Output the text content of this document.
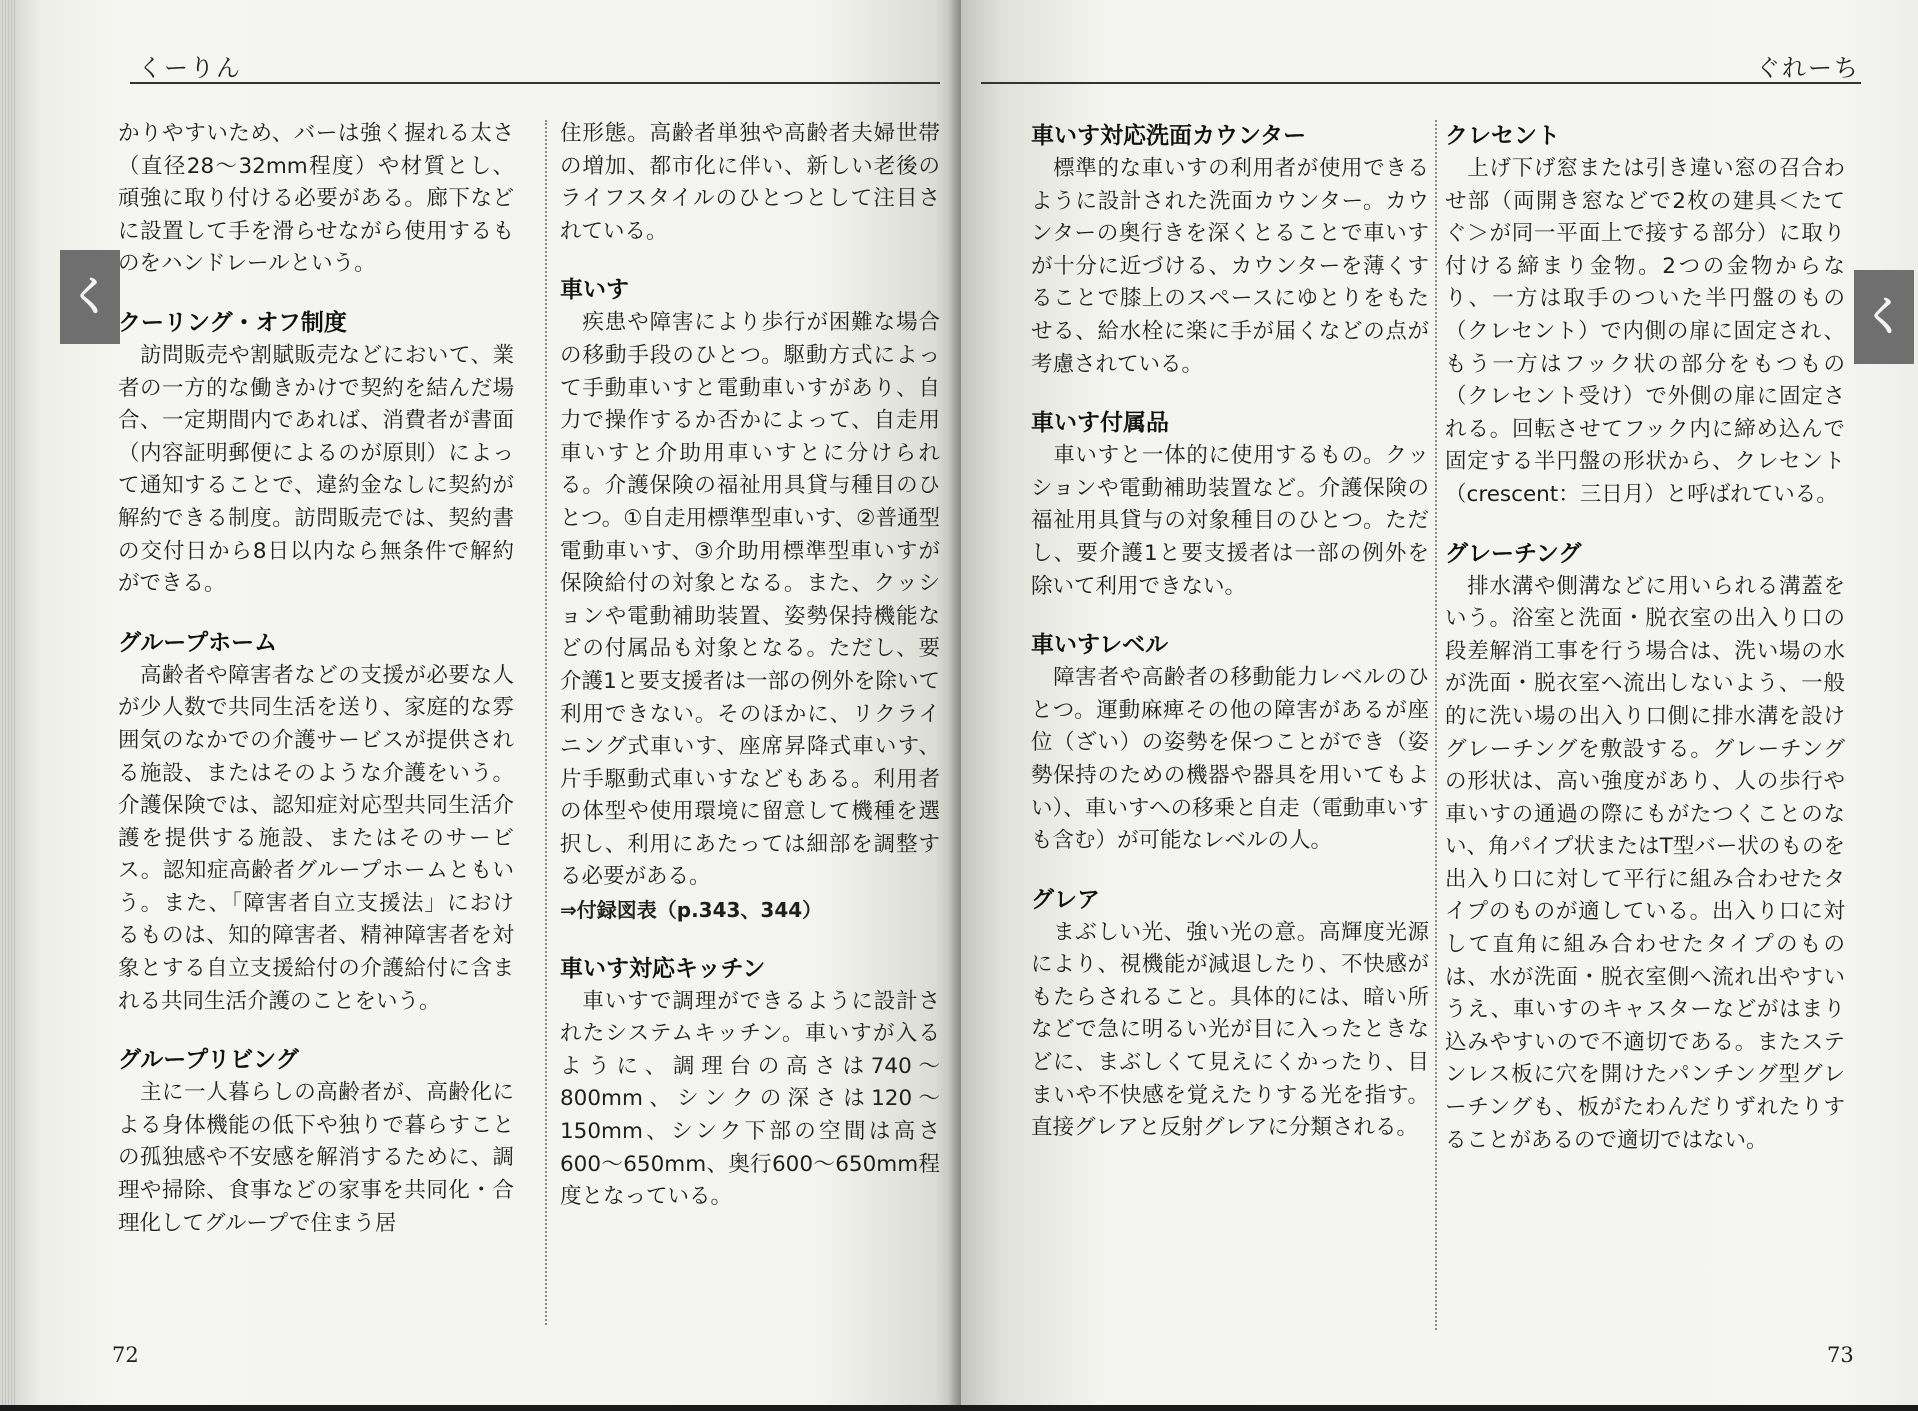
くーりん
く

かりやすいため、バーは強く握れる太さ（直径28～32mm程度）や材質とし、頑強に取り付ける必要がある。廊下などに設置して手を滑らせながら使用するものをハンドレールという。

クーリング・オフ制度

　訪問販売や割賦販売などにおいて、業者の一方的な働きかけで契約を結んだ場合、一定期間内であれば、消費者が書面（内容証明郵便によるのが原則）によって通知することで、違約金なしに契約が解約できる制度。訪問販売では、契約書の交付日から8日以内なら無条件で解約ができる。

グループホーム

　高齢者や障害者などの支援が必要な人が少人数で共同生活を送り、家庭的な雰囲気のなかでの介護サービスが提供される施設、またはそのような介護をいう。介護保険では、認知症対応型共同生活介護を提供する施設、またはそのサービス。認知症高齢者グループホームともいう。また、「障害者自立支援法」におけるものは、知的障害者、精神障害者を対象とする自立支援給付の介護給付に含まれる共同生活介護のことをいう。

グループリビング

　主に一人暮らしの高齢者が、高齢化による身体機能の低下や独りで暮らすことの孤独感や不安感を解消するために、調理や掃除、食事などの家事を共同化・合理化してグループで住まう居

住形態。高齢者単独や高齢者夫婦世帯の増加、都市化に伴い、新しい老後のライフスタイルのひとつとして注目されている。

車いす

　疾患や障害により歩行が困難な場合の移動手段のひとつ。駆動方式によって手動車いすと電動車いすがあり、自力で操作するか否かによって、自走用車いすと介助用車いすとに分けられる。介護保険の福祉用具貸与種目のひとつ。①自走用標準型車いす、②普通型電動車いす、③介助用標準型車いすが保険給付の対象となる。また、クッションや電動補助装置、姿勢保持機能などの付属品も対象となる。ただし、要介護1と要支援者は一部の例外を除いて利用できない。そのほかに、リクライニング式車いす、座席昇降式車いす、片手駆動式車いすなどもある。利用者の体型や使用環境に留意して機種を選択し、利用にあたっては細部を調整する必要がある。

⇒付録図表（p.343、344）

車いす対応キッチン

　車いすで調理ができるように設計されたシステムキッチン。車いすが入るように、調理台の高さは740～800mm、シンクの深さは120～150mm、シンク下部の空間は高さ600～650mm、奥行600～650mm程度となっている。

72
ぐれーち
く

車いす対応洗面カウンター

　標準的な車いすの利用者が使用できるように設計された洗面カウンター。カウンターの奥行きを深くとることで車いすが十分に近づける、カウンターを薄くすることで膝上のスペースにゆとりをもたせる、給水栓に楽に手が届くなどの点が考慮されている。

車いす付属品

　車いすと一体的に使用するもの。クッションや電動補助装置など。介護保険の福祉用具貸与の対象種目のひとつ。ただし、要介護1と要支援者は一部の例外を除いて利用できない。

車いすレベル

　障害者や高齢者の移動能力レベルのひとつ。運動麻痺その他の障害があるが座位（ざい）の姿勢を保つことができ（姿勢保持のための機器や器具を用いてもよい）、車いすへの移乗と自走（電動車いすも含む）が可能なレベルの人。

グレア

　まぶしい光、強い光の意。高輝度光源により、視機能が減退したり、不快感がもたらされること。具体的には、暗い所などで急に明るい光が目に入ったときなどに、まぶしくて見えにくかったり、目まいや不快感を覚えたりする光を指す。直接グレアと反射グレアに分類される。

クレセント

　上げ下げ窓または引き違い窓の召合わせ部（両開き窓などで2枚の建具＜たてぐ＞が同一平面上で接する部分）に取り付ける締まり金物。2つの金物からなり、一方は取手のついた半円盤のもの（クレセント）で内側の扉に固定され、もう一方はフック状の部分をもつもの（クレセント受け）で外側の扉に固定される。回転させてフック内に締め込んで固定する半円盤の形状から、クレセント（crescent：三日月）と呼ばれている。

グレーチング

　排水溝や側溝などに用いられる溝蓋をいう。浴室と洗面・脱衣室の出入り口の段差解消工事を行う場合は、洗い場の水が洗面・脱衣室へ流出しないよう、一般的に洗い場の出入り口側に排水溝を設けグレーチングを敷設する。グレーチングの形状は、高い強度があり、人の歩行や車いすの通過の際にもがたつくことのない、角パイプ状またはT型バー状のものを出入り口に対して平行に組み合わせたタイプのものが適している。出入り口に対して直角に組み合わせたタイプのものは、水が洗面・脱衣室側へ流れ出やすいうえ、車いすのキャスターなどがはまり込みやすいので不適切である。またステンレス板に穴を開けたパンチング型グレーチングも、板がたわんだりずれたりすることがあるので適切ではない。

73
